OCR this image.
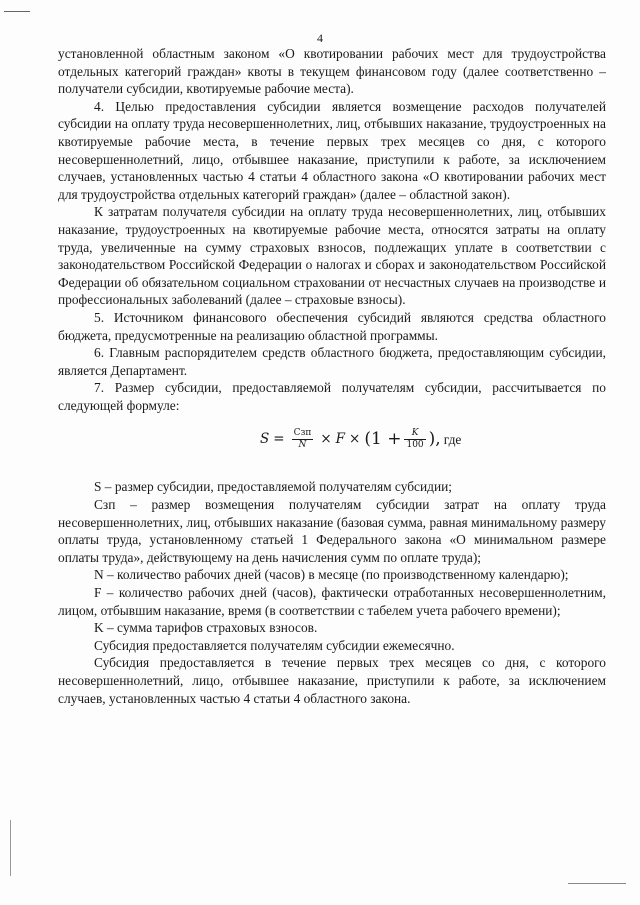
4

установленной областным законом «О квотировании рабочих мест для трудоустройства отдельных категорий граждан» квоты в текущем финансовом году (далее соответственно – получатели субсидии, квотируемые рабочие места).

4. Целью предоставления субсидии является возмещение расходов получателей субсидии на оплату труда несовершеннолетних, лиц, отбывших наказание, трудоустроенных на квотируемые рабочие места, в течение первых трех месяцев со дня, с которого несовершеннолетний, лицо, отбывшее наказание, приступили к работе, за исключением случаев, установленных частью 4 статьи 4 областного закона «О квотировании рабочих мест для трудоустройства отдельных категорий граждан» (далее – областной закон).

К затратам получателя субсидии на оплату труда несовершеннолетних, лиц, отбывших наказание, трудоустроенных на квотируемые рабочие места, относятся затраты на оплату труда, увеличенные на сумму страховых взносов, подлежащих уплате в соответствии с законодательством Российской Федерации о налогах и сборах и законодательством Российской Федерации об обязательном социальном страховании от несчастных случаев на производстве и профессиональных заболеваний (далее – страховые взносы).

5. Источником финансового обеспечения субсидий являются средства областного бюджета, предусмотренные на реализацию областной программы.

6. Главным распорядителем средств областного бюджета, предоставляющим субсидии, является Департамент.

7. Размер субсидии, предоставляемой получателям субсидии, рассчитывается по следующей формуле:

$S = \frac{\text{Сзп}}{N} \times F \times (1 + \frac{K}{100}$ ), где

S – размер субсидии, предоставляемой получателям субсидии;

Сзп – размер возмещения получателям субсидии затрат на оплату труда несовершеннолетних, лиц, отбывших наказание (базовая сумма, равная минимальному размеру оплаты труда, установленному статьей 1 Федерального закона «О минимальном размере оплаты труда», действующему на день начисления сумм по оплате труда);

N – количество рабочих дней (часов) в месяце (по производственному календарю);

F – количество рабочих дней (часов), фактически отработанных несовершеннолетним, лицом, отбывшим наказание, время (в соответствии с табелем учета рабочего времени);

K – сумма тарифов страховых взносов.

Субсидия предоставляется получателям субсидии ежемесячно.

Субсидия предоставляется в течение первых трех месяцев со дня, с которого несовершеннолетний, лицо, отбывшее наказание, приступили к работе, за исключением случаев, установленных частью 4 статьи 4 областного закона.
